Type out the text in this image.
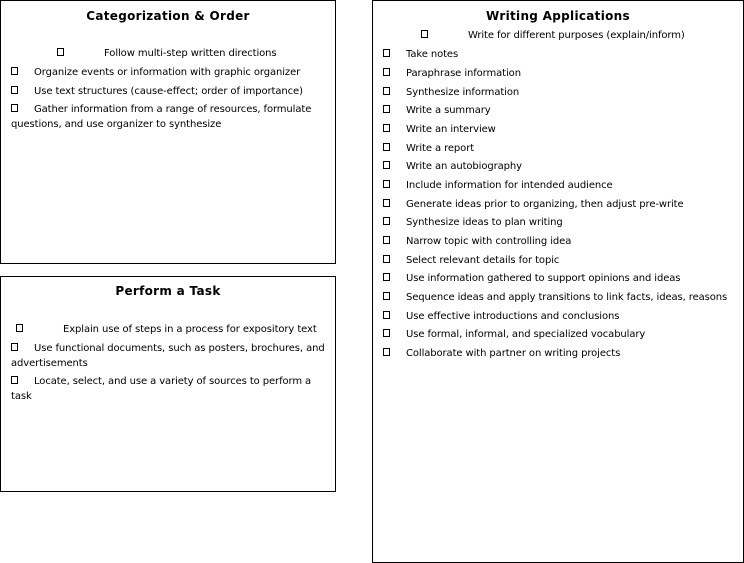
Categorization & Order
Follow multi-step written directions
Organize events or information with graphic organizer
Use text structures (cause-effect; order of importance)
Gather information from a range of resources, formulate questions, and use organizer to synthesize
Perform a Task
Explain use of steps in a process for expository text
Use functional documents, such as posters, brochures, and advertisements
Locate, select, and use a variety of sources to perform a task
Writing Applications
Write for different purposes (explain/inform)
Take notes
Paraphrase information
Synthesize information
Write a summary
Write an interview
Write a report
Write an autobiography
Include information for intended audience
Generate ideas prior to organizing, then adjust pre-write
Synthesize ideas to plan writing
Narrow topic with controlling idea
Select relevant details for topic
Use information gathered to support opinions and ideas
Sequence ideas and apply transitions to link facts, ideas, reasons
Use effective introductions and conclusions
Use formal, informal, and specialized vocabulary
Collaborate with partner on writing projects
